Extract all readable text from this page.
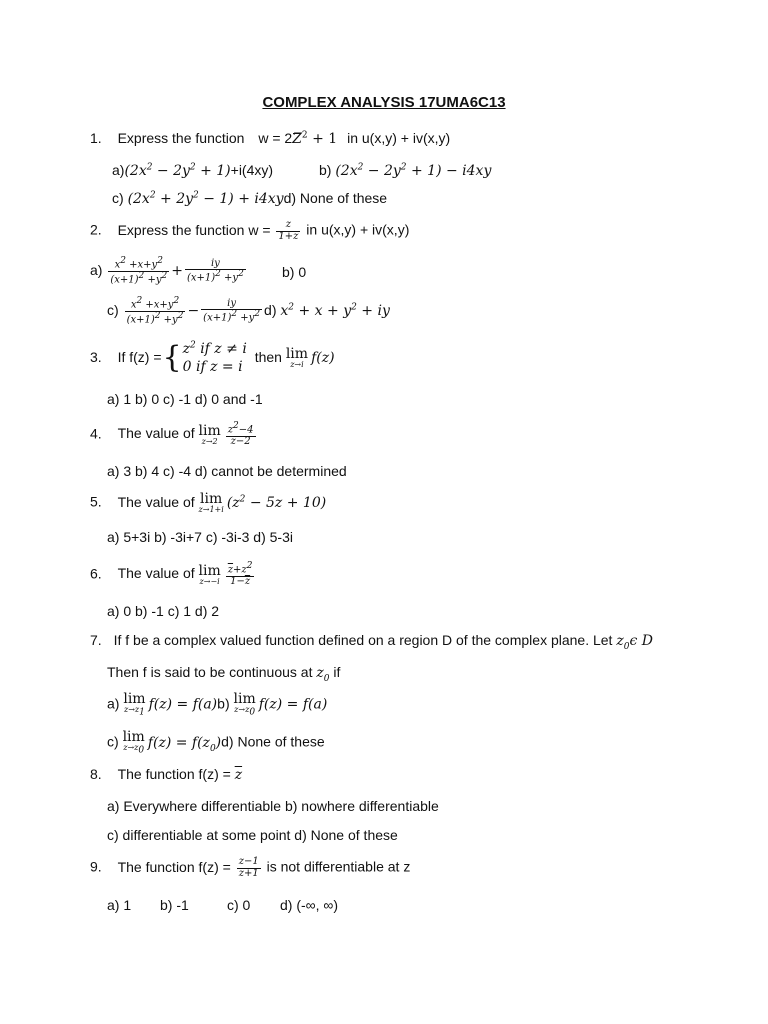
COMPLEX ANALYSIS 17UMA6C13
1. Express the function $w = 2Z^2 + 1$ in u(x,y) + iv(x,y)
$a)(2x^2 - 2y^2 + 1)+i(4xy)$	b) $(2x^2 - 2y^2 + 1) - i4xy$
c) $(2x^2 + 2y^2 - 1) + i4xyd$) None of these
2. Express the function $w = \frac{z}{1+z}$ in u(x,y) + iv(x,y)
$a) \frac{x^2 +x+y^2}{(x+1)^2 +y^2} + \frac{iy}{(x+1)^2 +y^2}$	b) 0
$c) \frac{x^2 +x+y^2}{(x+1)^2 +y^2} - \frac{iy}{(x+1)^2 +y^2} d$) $x^2 + x + y^2$ + iy
3. If f(z) ={ $z^2$ if z ≠ i
0 if z = i
then lim
z→i f(z)
a) 1 b) 0 c) -1 d) 0 and -1
4. The value of lim
$z\to 2 \frac{z^2-4}{z-2}$
a) 3 b) 4 c) -4 d) cannot be determined
5. The value of lim
z→1+i $(z^2 - 5z + 10)$
a) 5+3i b) -3i+7 c) -3i-3 d) 5-3i
6. The value of lim
$z\to-i \frac{\overline{z}+z^2}{1-\overline{z}}$
a) 0 b) -1 c) 1 d) 2
7. If f be a complex valued function defined on a region D of the complex plane. Let $z_0\epsilon$ D
Then f is said to be continuous at $z_0$ if
a) lim
$z\to z_1$
f(z) = f(a)b) lim
$z\to z_0$
f(z) = f(a)
c) lim
$z\to z_0$
$f(z) = f(z_0)d$) None of these
8. The function $f(z) = \overline{z}$
a) Everywhere differentiable b) nowhere differentiable
c) differentiable at some point d) None of these
9. The function $f(z) = \frac{z-1}{z+1}$ is not differentiable at z
a) 1 b) -1	c) 0 d) (-∞, ∞)
